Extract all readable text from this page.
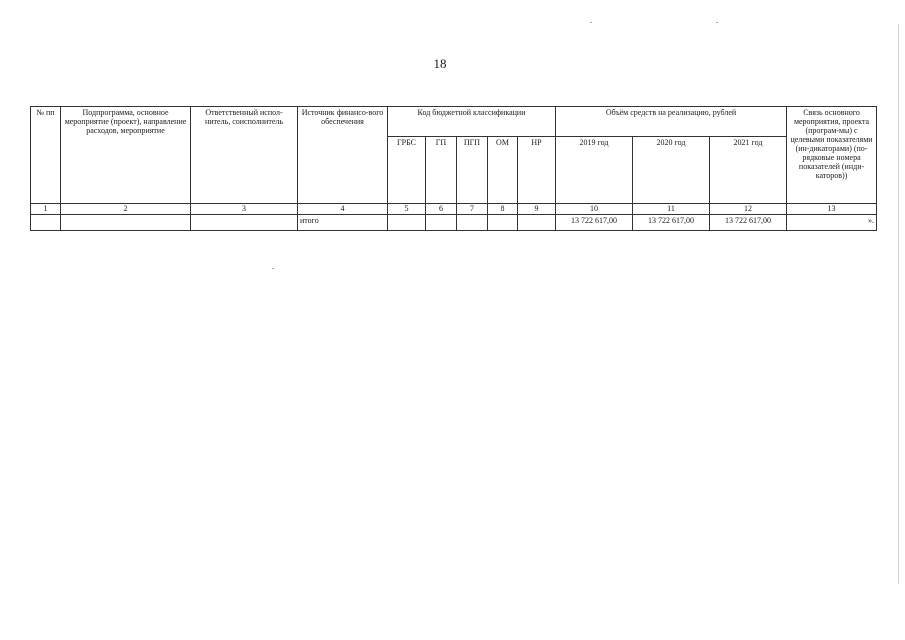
18
№ пп	Подпрограмма, основное мероприятие (проект), направление расходов, мероприятие	Ответственный испол-нитель, соисполнитель	Источник финансо-вого обеспечения	Код бюджетной классификации					Объём средств на реализацию, рублей			Связь основного мероприятия, проекта (програм-мы) с целевыми показателями (ин-дикаторами) (по-рядковые номера показателей (инди-каторов))
				ГРБС	ГП	ПГП	ОМ	НР	2019 год	2020 год	2021 год	
1	2	3	4	5	6	7	8	9	10	11	12	13
			итого						13 722 617,00	13 722 617,00	13 722 617,00	».
